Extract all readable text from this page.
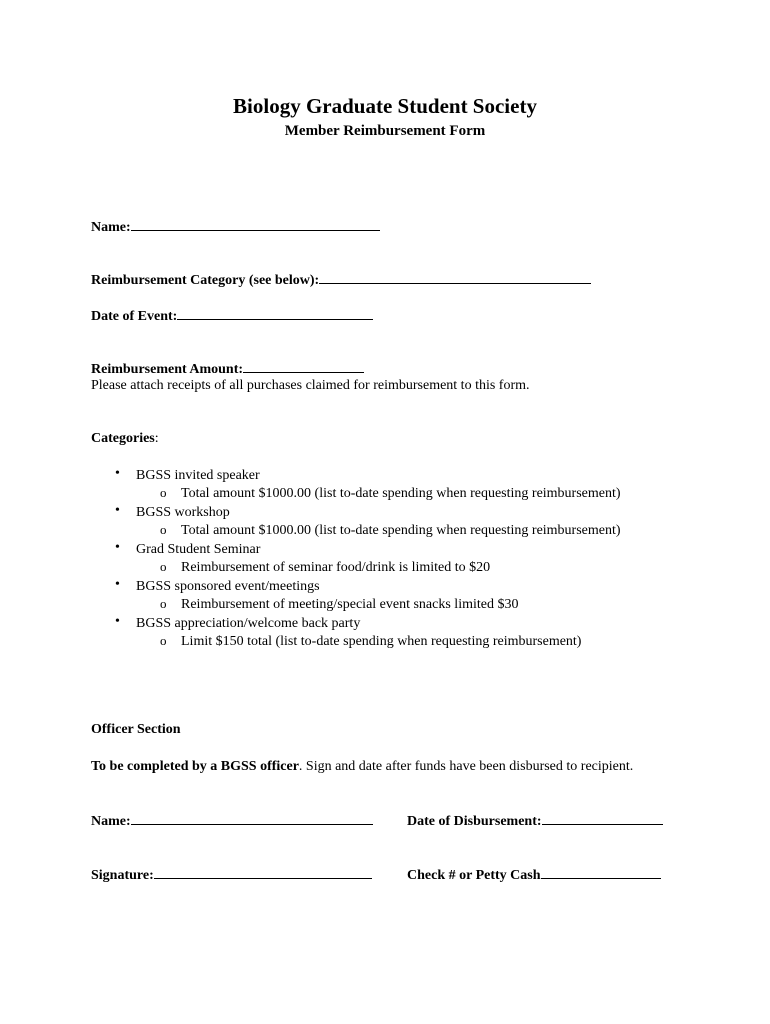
Biology Graduate Student Society
Member Reimbursement Form
Name:
Reimbursement Category (see below):
Date of Event:
Reimbursement Amount:
Please attach receipts of all purchases claimed for reimbursement to this form.
Categories:
• BGSS invited speaker
o Total amount $1000.00 (list to-date spending when requesting reimbursement)
• BGSS workshop
o Total amount $1000.00 (list to-date spending when requesting reimbursement)
• Grad Student Seminar
o Reimbursement of seminar food/drink is limited to $20
• BGSS sponsored event/meetings
o Reimbursement of meeting/special event snacks limited $30
• BGSS appreciation/welcome back party
o Limit $150 total (list to-date spending when requesting reimbursement)
Officer Section
To be completed by a BGSS officer. Sign and date after funds have been disbursed to recipient.
Name:	Date of Disbursement:
Signature:	Check # or Petty Cash
